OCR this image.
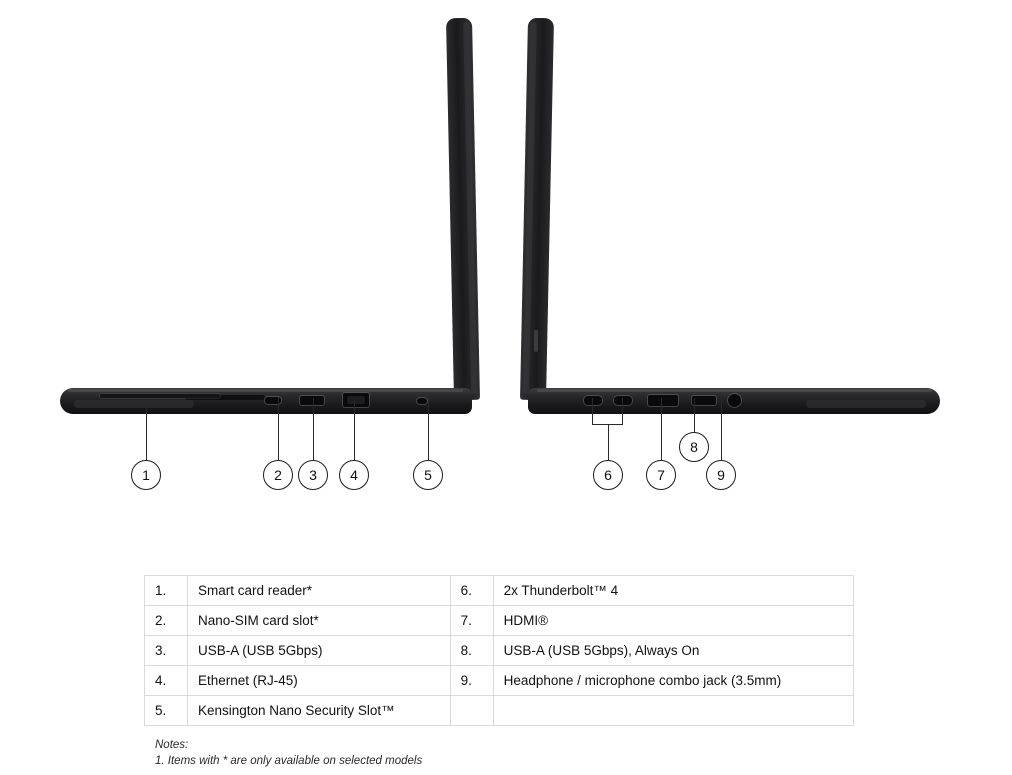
1	2 3 4	5	6	7
8
9
1.	Smart card reader*	6.	2x Thunderbolt™ 4
2.	Nano-SIM card slot*	7.	HDMI®
3.	USB-A (USB 5Gbps)	8.	USB-A (USB 5Gbps), Always On
4.	Ethernet (RJ-45)	9.	Headphone / microphone combo jack (3.5mm)
5.	Kensington Nano Security Slot™		
Notes:
1. Items with * are only available on selected models
